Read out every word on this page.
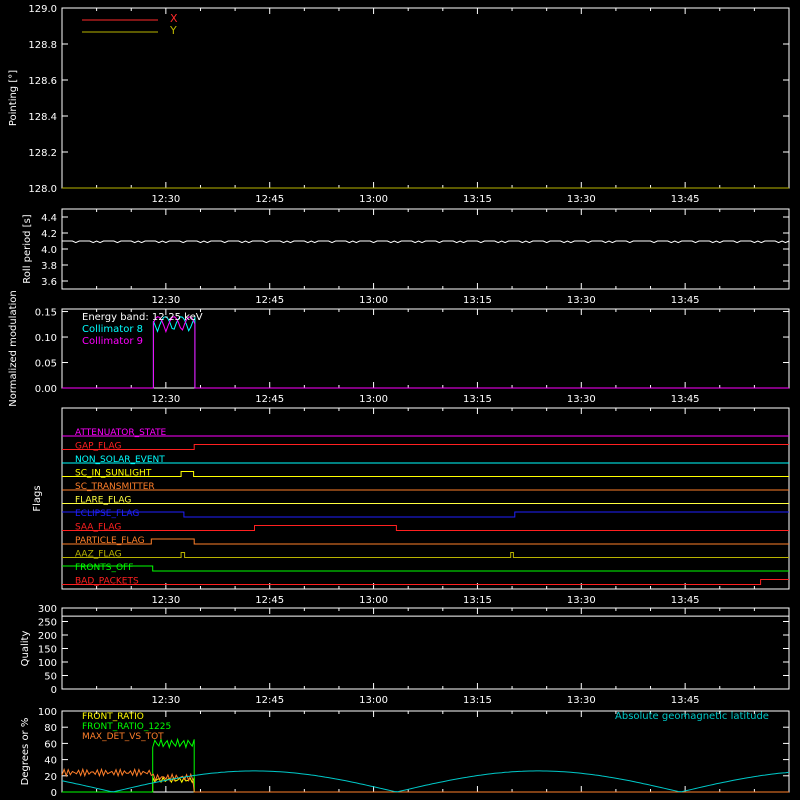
12:30	12:45	13:00	13:15	13:30	13:45
128.0
128.2
128.4
128.6
128.8
129.0
Pointing [°]
X
Y
12:30	12:45	13:00	13:15	13:30	13:45
3.6
3.8
4.0
4.2
4.4
Roll period [s]
12:30	12:45	13:00	13:15	13:30	13:45
0.00
0.05
0.10
0.15
Normalized modulation	Collimator 8
Collimator 9
Energy band: 12-25 keV
12:30	12:45	13:00	13:15	13:30	13:45
Flags
ATTENUATOR_STATE
GAP_FLAG
NON_SOLAR_EVENT
SC_IN_SUNLIGHT
SC_TRANSMITTER
FLARE_FLAG
ECLIPSE_FLAG
SAA_FLAG
PARTICLE_FLAG
AAZ_FLAG
FRONTS_OFF
BAD_PACKETS
12:30	12:45	13:00	13:15	13:30	13:45
0
50
100
150
200
250
300
Quality
0
20
40
60
80
100
Degrees or %
FRONT_RATIO
FRONT_RATIO_1225
MAX_DET_VS_TOT
Absolute geomagnetic latitude
